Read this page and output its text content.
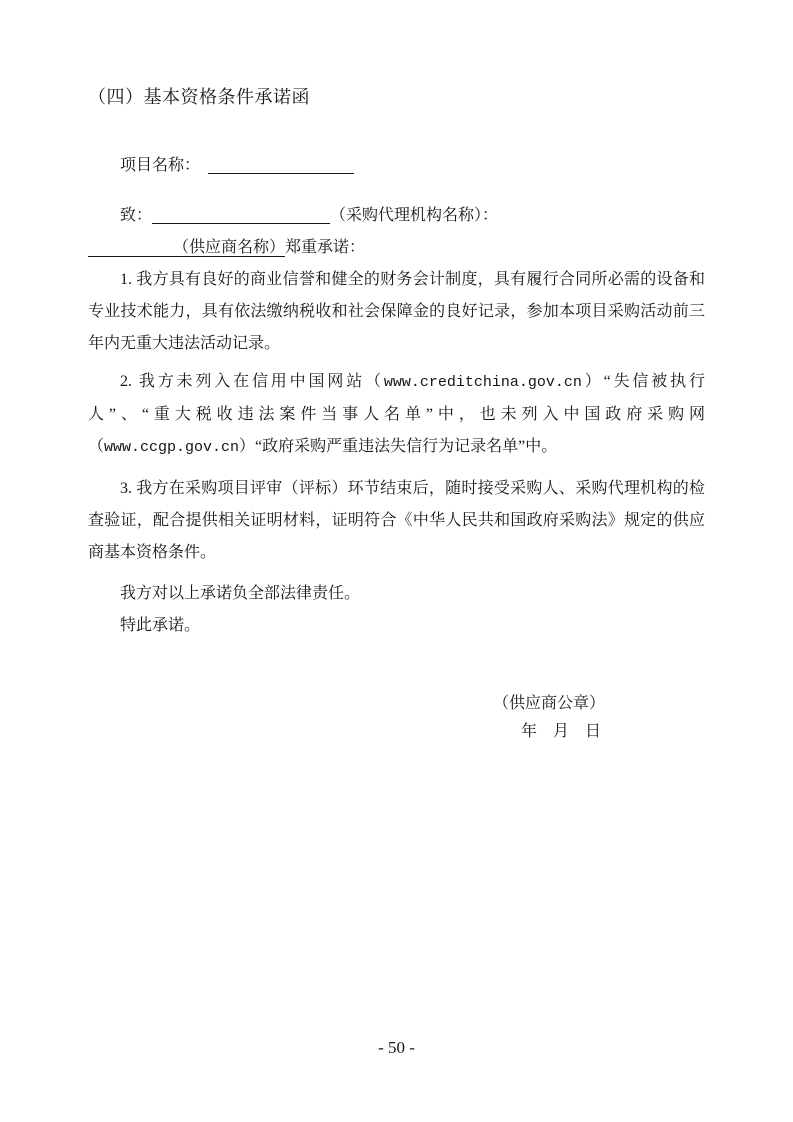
（四）基本资格条件承诺函

项目名称：

致：	（采购代理机构名称）：

（供应商名称）郑重承诺：

1. 我方具有良好的商业信誉和健全的财务会计制度，具有履行合同所必需的设备和专业技术能力，具有依法缴纳税收和社会保障金的良好记录，参加本项目采购活动前三年内无重大违法活动记录。

2. 我方未列入在信用中国网站（www.creditchina.gov.cn）“失信被执行人”、“重大税收违法案件当事人名单”中，也未列入中国政府采购网（www.ccgp.gov.cn）“政府采购严重违法失信行为记录名单”中。

3. 我方在采购项目评审（评标）环节结束后，随时接受采购人、采购代理机构的检查验证，配合提供相关证明材料，证明符合《中华人民共和国政府采购法》规定的供应商基本资格条件。

我方对以上承诺负全部法律责任。

特此承诺。

（供应商公章）

年　月　日

- 50 -
